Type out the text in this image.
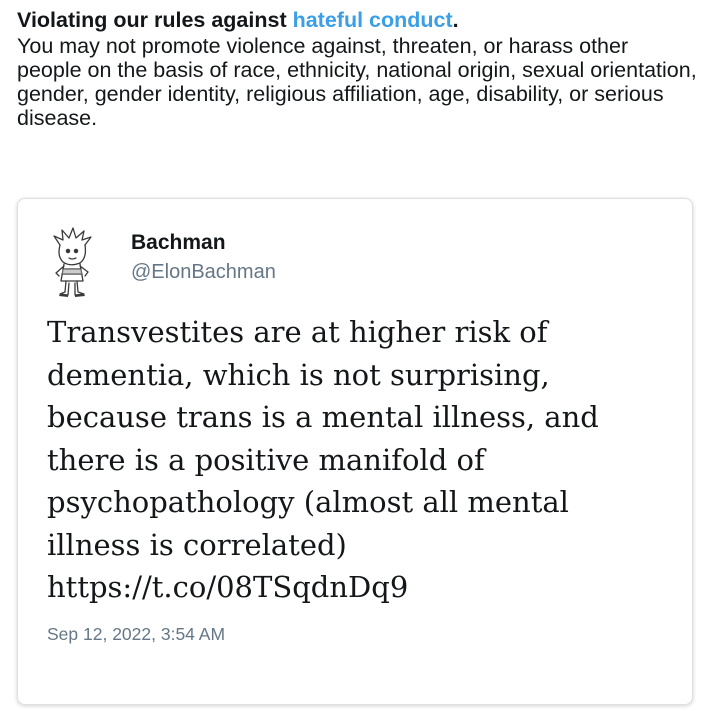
Violating our rules against hateful conduct.

You may not promote violence against, threaten, or harass other people on the basis of race, ethnicity, national origin, sexual orientation, gender, gender identity, religious affiliation, age, disability, or serious disease.

Bachman
@ElonBachman

Transvestites are at higher risk of
dementia, which is not surprising,
because trans is a mental illness, and
there is a positive manifold of
psychopathology (almost all mental
illness is correlated)
https://t.co/08TSqdnDq9

Sep 12, 2022, 3:54 AM
